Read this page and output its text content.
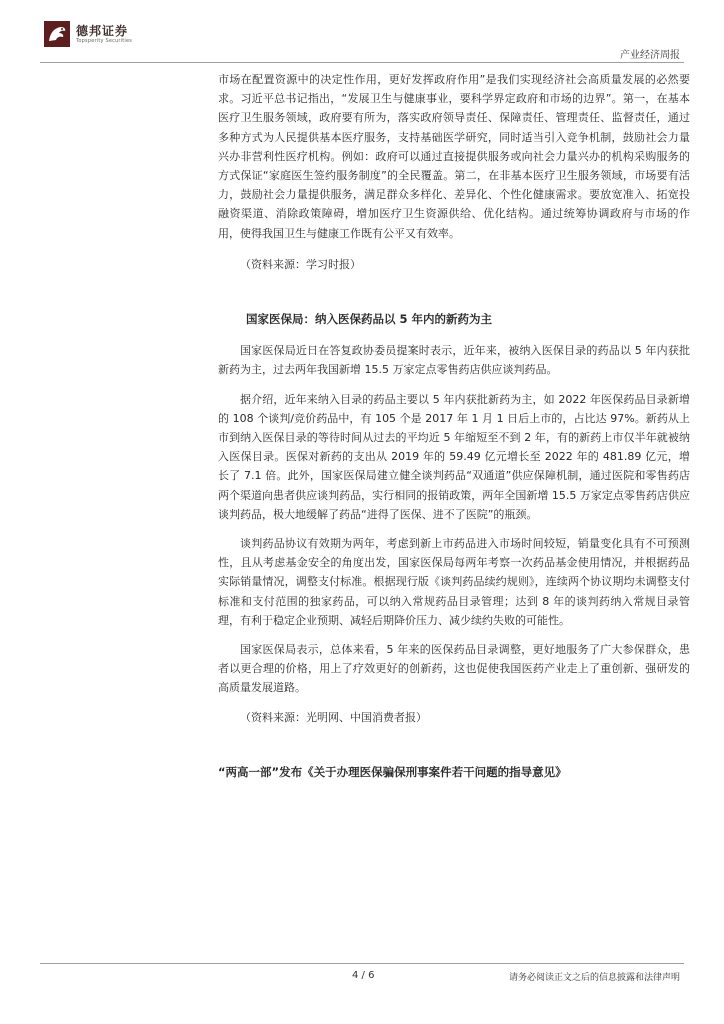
德邦证券
Topsperity Securities
产业经济周报

市场在配置资源中的决定性作用，更好发挥政府作用”是我们实现经济社会高质量发展的必然要求。习近平总书记指出，“发展卫生与健康事业，要科学界定政府和市场的边界”。第一，在基本医疗卫生服务领域，政府要有所为，落实政府领导责任、保障责任、管理责任、监督责任，通过多种方式为人民提供基本医疗服务，支持基础医学研究，同时适当引入竞争机制，鼓励社会力量兴办非营利性医疗机构。例如：政府可以通过直接提供服务或向社会力量兴办的机构采购服务的方式保证“家庭医生签约服务制度”的全民覆盖。第二，在非基本医疗卫生服务领域，市场要有活力，鼓励社会力量提供服务，满足群众多样化、差异化、个性化健康需求。要放宽准入、拓宽投融资渠道、消除政策障碍，增加医疗卫生资源供给、优化结构。通过统筹协调政府与市场的作用，使得我国卫生与健康工作既有公平又有效率。

（资料来源：学习时报）

国家医保局：纳入医保药品以 5 年内的新药为主

国家医保局近日在答复政协委员提案时表示，近年来，被纳入医保目录的药品以 5 年内获批新药为主，过去两年我国新增 15.5 万家定点零售药店供应谈判药品。

据介绍，近年来纳入目录的药品主要以 5 年内获批新药为主，如 2022 年医保药品目录新增的 108 个谈判/竞价药品中，有 105 个是 2017 年 1 月 1 日后上市的，占比达 97%。新药从上市到纳入医保目录的等待时间从过去的平均近 5 年缩短至不到 2 年，有的新药上市仅半年就被纳入医保目录。医保对新药的支出从 2019 年的 59.49 亿元增长至 2022 年的 481.89 亿元，增长了 7.1 倍。此外，国家医保局建立健全谈判药品“双通道”供应保障机制，通过医院和零售药店两个渠道向患者供应谈判药品，实行相同的报销政策，两年全国新增 15.5 万家定点零售药店供应谈判药品，极大地缓解了药品“进得了医保、进不了医院”的瓶颈。

谈判药品协议有效期为两年，考虑到新上市药品进入市场时间较短，销量变化具有不可预测性，且从考虑基金安全的角度出发，国家医保局每两年考察一次药品基金使用情况，并根据药品实际销量情况，调整支付标准。根据现行版《谈判药品续约规则》，连续两个协议期均未调整支付标准和支付范围的独家药品，可以纳入常规药品目录管理；达到 8 年的谈判药纳入常规目录管理，有利于稳定企业预期、减轻后期降价压力、减少续约失败的可能性。

国家医保局表示，总体来看，5 年来的医保药品目录调整，更好地服务了广大参保群众，患者以更合理的价格，用上了疗效更好的创新药，这也促使我国医药产业走上了重创新、强研发的高质量发展道路。

（资料来源：光明网、中国消费者报）

“两高一部”发布《关于办理医保骗保刑事案件若干问题的指导意见》

4 / 6	请务必阅读正文之后的信息披露和法律声明
